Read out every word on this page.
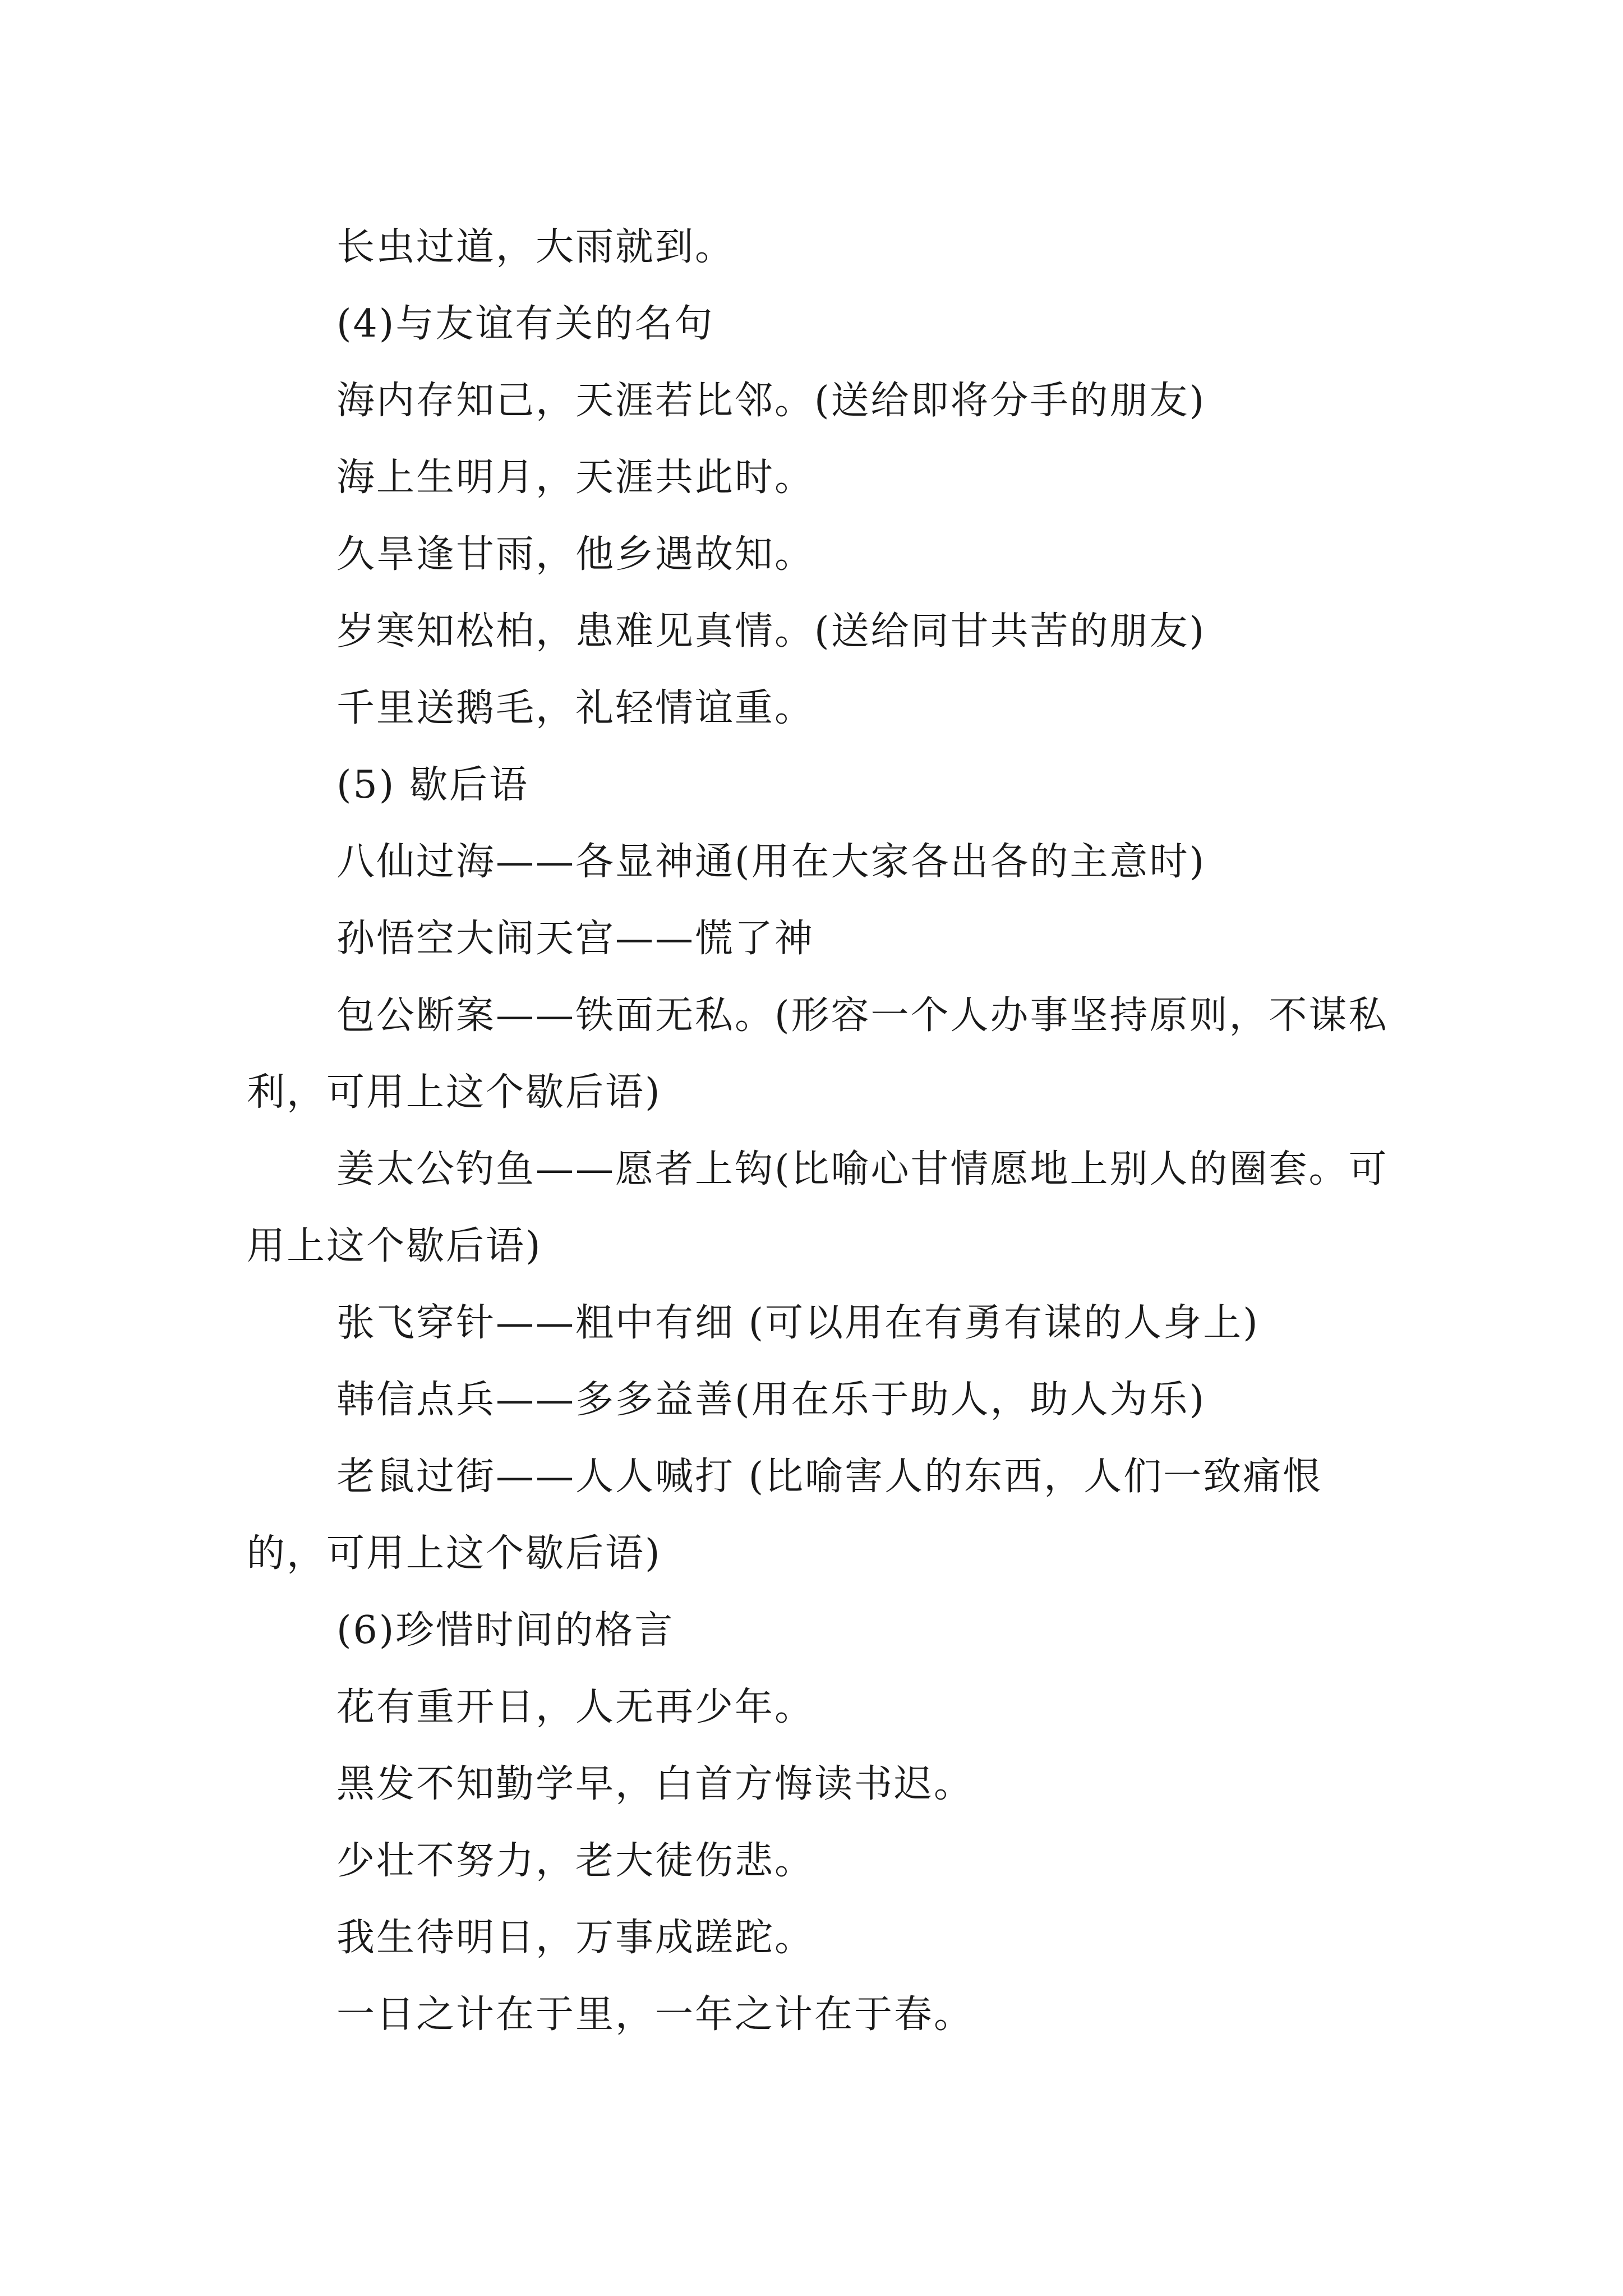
长虫过道，大雨就到。

(4)与友谊有关的名句

海内存知己，天涯若比邻。(送给即将分手的朋友)

海上生明月，天涯共此时。

久旱逢甘雨，他乡遇故知。

岁寒知松柏，患难见真情。(送给同甘共苦的朋友)

千里送鹅毛，礼轻情谊重。

(5) 歇后语

八仙过海——各显神通(用在大家各出各的主意时)

孙悟空大闹天宫——慌了神

包公断案——铁面无私。(形容一个人办事坚持原则，不谋私利，可用上这个歇后语)

姜太公钓鱼——愿者上钩(比喻心甘情愿地上别人的圈套。可用上这个歇后语)

张飞穿针——粗中有细 (可以用在有勇有谋的人身上)

韩信点兵——多多益善(用在乐于助人，助人为乐)

老鼠过街——人人喊打 (比喻害人的东西，人们一致痛恨的，可用上这个歇后语)

(6)珍惜时间的格言

花有重开日，人无再少年。

黑发不知勤学早，白首方悔读书迟。

少壮不努力，老大徒伤悲。

我生待明日，万事成蹉跎。

一日之计在于里，一年之计在于春。
